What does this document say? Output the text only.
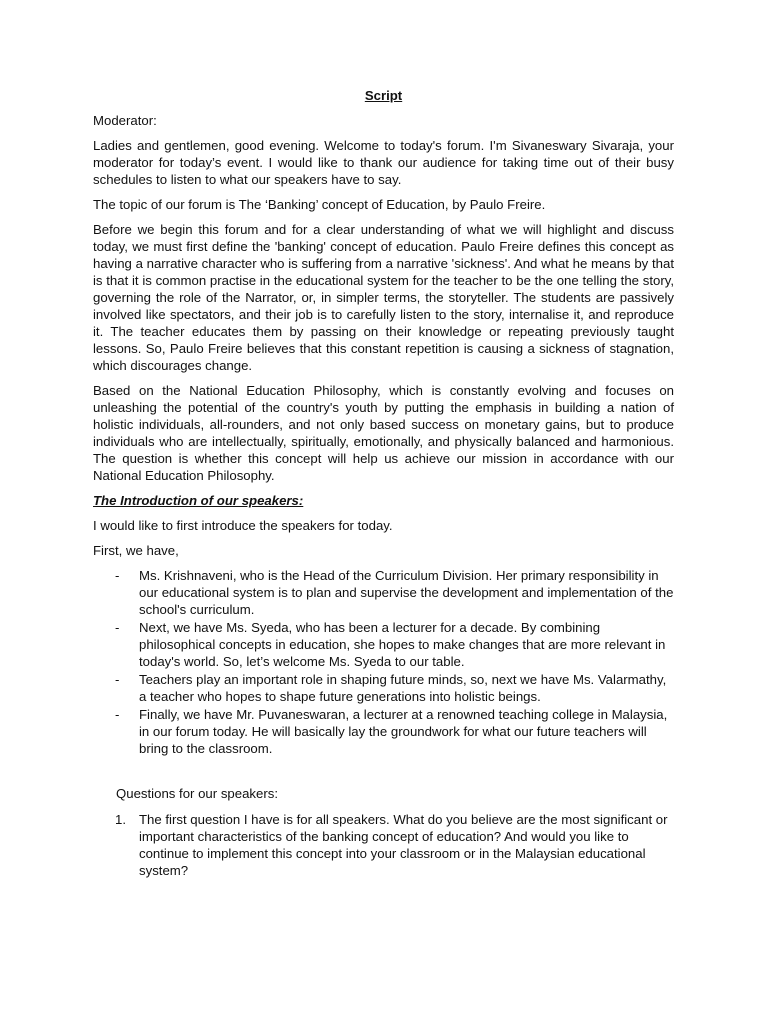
Script

Moderator:

Ladies and gentlemen, good evening. Welcome to today's forum. I'm Sivaneswary Sivaraja, your moderator for today’s event. I would like to thank our audience for taking time out of their busy schedules to listen to what our speakers have to say.

The topic of our forum is The ‘Banking’ concept of Education, by Paulo Freire.

Before we begin this forum and for a clear understanding of what we will highlight and discuss today, we must first define the 'banking' concept of education. Paulo Freire defines this concept as having a narrative character who is suffering from a narrative 'sickness'. And what he means by that is that it is common practise in the educational system for the teacher to be the one telling the story, governing the role of the Narrator, or, in simpler terms, the storyteller. The students are passively involved like spectators, and their job is to carefully listen to the story, internalise it, and reproduce it. The teacher educates them by passing on their knowledge or repeating previously taught lessons. So, Paulo Freire believes that this constant repetition is causing a sickness of stagnation, which discourages change.

Based on the National Education Philosophy, which is constantly evolving and focuses on unleashing the potential of the country's youth by putting the emphasis in building a nation of holistic individuals, all-rounders, and not only based success on monetary gains, but to produce individuals who are intellectually, spiritually, emotionally, and physically balanced and harmonious. The question is whether this concept will help us achieve our mission in accordance with our National Education Philosophy.

The Introduction of our speakers:

I would like to first introduce the speakers for today.

First, we have,

- Ms. Krishnaveni, who is the Head of the Curriculum Division. Her primary responsibility in our educational system is to plan and supervise the development and implementation of the school's curriculum.
- Next, we have Ms. Syeda, who has been a lecturer for a decade. By combining philosophical concepts in education, she hopes to make changes that are more relevant in today's world. So, let’s welcome Ms. Syeda to our table.
- Teachers play an important role in shaping future minds, so, next we have Ms. Valarmathy, a teacher who hopes to shape future generations into holistic beings.
- Finally, we have Mr. Puvaneswaran, a lecturer at a renowned teaching college in Malaysia, in our forum today. He will basically lay the groundwork for what our future teachers will bring to the classroom.
Questions for our speakers:
1. The first question I have is for all speakers. What do you believe are the most significant or important characteristics of the banking concept of education? And would you like to continue to implement this concept into your classroom or in the Malaysian educational system?
